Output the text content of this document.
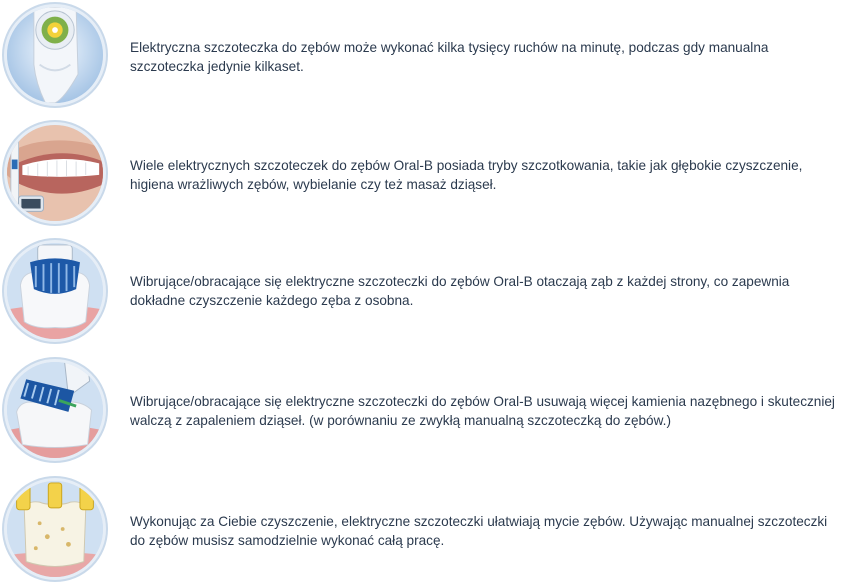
Elektryczna szczoteczka do zębów może wykonać kilka tysięcy ruchów na minutę, podczas gdy manualna szczoteczka jedynie kilkaset.
Wiele elektrycznych szczoteczek do zębów Oral-B posiada tryby szczotkowania, takie jak głębokie czyszczenie, higiena wrażliwych zębów, wybielanie czy też masaż dziąseł.
Wibrujące/obracające się elektryczne szczoteczki do zębów Oral-B otaczają ząb z każdej strony, co zapewnia dokładne czyszczenie każdego zęba z osobna.
Wibrujące/obracające się elektryczne szczoteczki do zębów Oral-B usuwają więcej kamienia nazębnego i skuteczniej walczą z zapaleniem dziąseł. (w porównaniu ze zwykłą manualną szczoteczką do zębów.)
Wykonując za Ciebie czyszczenie, elektryczne szczoteczki ułatwiają mycie zębów. Używając manualnej szczoteczki do zębów musisz samodzielnie wykonać całą pracę.
